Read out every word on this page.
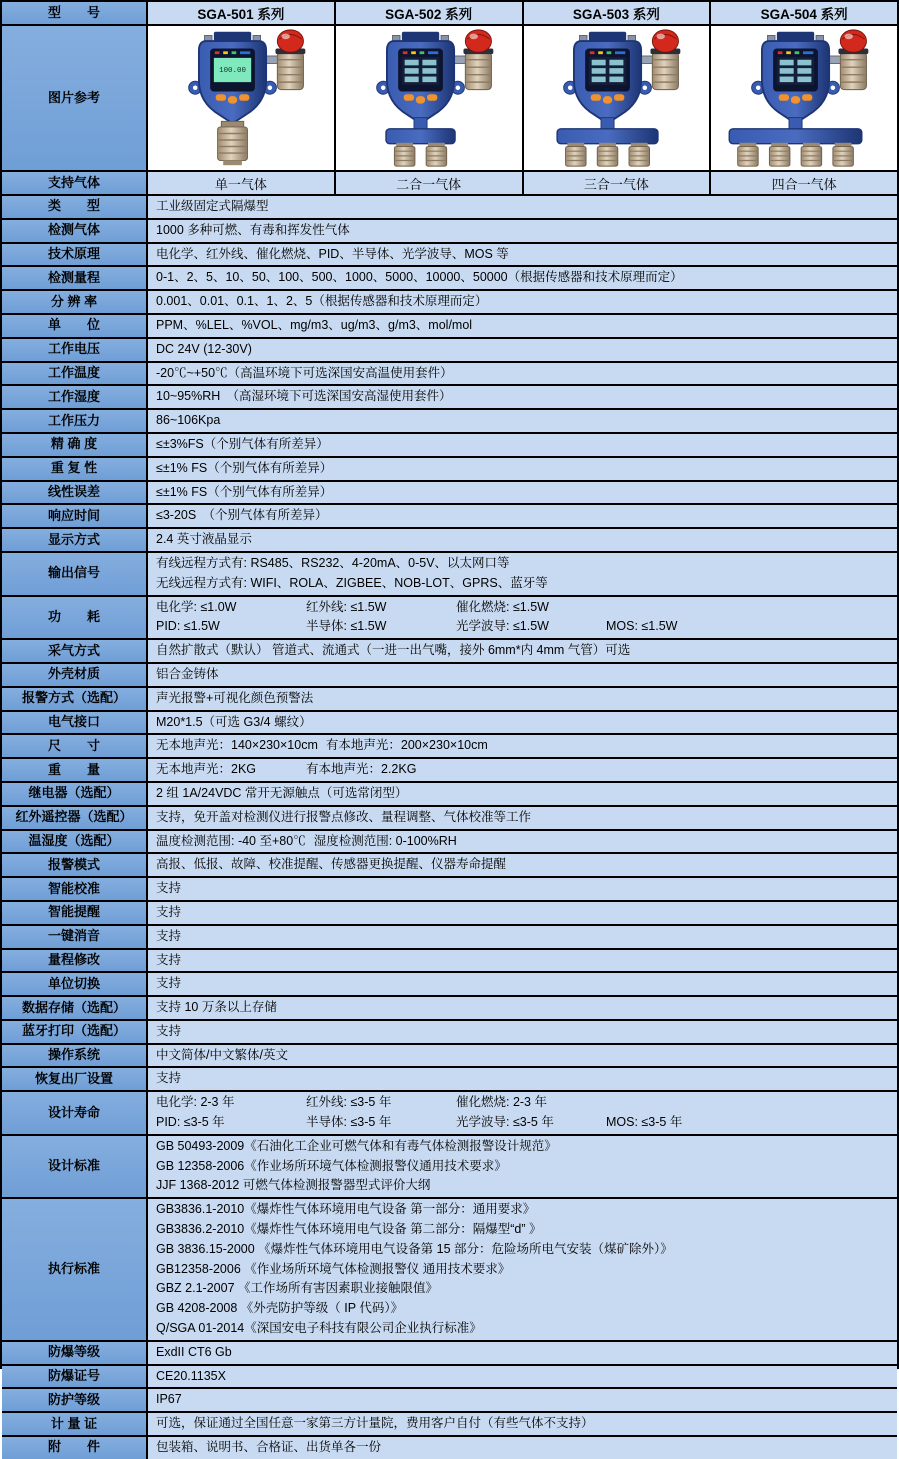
型　　号	SGA-501 系列	SGA-502 系列	SGA-503 系列	SGA-504 系列
图片参考
100.00
支持气体	单一气体	二合一气体	三合一气体	四合一气体
类　　型	工业级固定式隔爆型
检测气体	1000 多种可燃、有毒和挥发性气体
技术原理	电化学、红外线、催化燃烧、PID、半导体、光学波导、MOS 等
检测量程	0-1、2、5、10、50、100、500、1000、5000、10000、50000（根据传感器和技术原理而定）
分 辨 率	0.001、0.01、0.1、1、2、5（根据传感器和技术原理而定）
单　　位	PPM、%LEL、%VOL、mg/m3、ug/m3、g/m3、mol/mol
工作电压	DC 24V (12-30V)
工作温度	-20℃~+50℃（高温环境下可选深国安高温使用套件）
工作湿度	10~95%RH　（高湿环境下可选深国安高湿使用套件）
工作压力	86~106Kpa
精 确 度	≤±3%FS（个别气体有所差异）
重 复 性	≤±1% FS（个别气体有所差异）
线性误差	≤±1% FS（个别气体有所差异）
响应时间	≤3-20S　（个别气体有所差异）
显示方式	2.4 英寸液晶显示
输出信号
有线远程方式有: RS485、RS232、4-20mA、0-5V、以太网口等
无线远程方式有: WIFI、ROLA、ZIGBEE、NOB-LOT、GPRS、蓝牙等
功　　耗
电化学: ≤1.0W	红外线: ≤1.5W	催化燃烧: ≤1.5W
PID: ≤1.5W	半导体: ≤1.5W	光学波导: ≤1.5W	MOS: ≤1.5W
采气方式	自然扩散式（默认） 管道式、流通式（一进一出气嘴，接外 6mm*内 4mm 气管）可选
外壳材质	铝合金铸体
报警方式（选配）	声光报警+可视化颜色预警法
电气接口	M20*1.5（可选 G3/4 螺纹）
尺　　寸	无本地声光：140×230×10cm 有本地声光：200×230×10cm
重　　量	无本地声光：2KG	有本地声光：2.2KG
继电器（选配）	2 组 1A/24VDC 常开无源触点（可选常闭型）
红外遥控器（选配）	支持，免开盖对检测仪进行报警点修改、量程调整、气体校准等工作
温湿度（选配）	温度检测范围: -40 至+80℃ 湿度检测范围: 0-100%RH
报警模式	高报、低报、故障、校准提醒、传感器更换提醒、仪器寿命提醒
智能校准	支持
智能提醒	支持
一键消音	支持
量程修改	支持
单位切换	支持
数据存储（选配）	支持 10 万条以上存储
蓝牙打印（选配）	支持
操作系统	中文简体/中文繁体/英文
恢复出厂设置	支持
设计寿命
电化学: 2-3 年	红外线: ≤3-5 年	催化燃烧: 2-3 年
PID: ≤3-5 年	半导体: ≤3-5 年	光学波导: ≤3-5 年	MOS: ≤3-5 年
设计标准
GB 50493-2009《石油化工企业可燃气体和有毒气体检测报警设计规范》
GB 12358-2006《作业场所环境气体检测报警仪通用技术要求》
JJF 1368-2012 可燃气体检测报警器型式评价大纲
执行标准
GB3836.1-2010《爆炸性气体环境用电气设备 第一部分：通用要求》
GB3836.2-2010《爆炸性气体环境用电气设备 第二部分：隔爆型“d” 》
GB 3836.15-2000 《爆炸性气体环境用电气设备第 15 部分：危险场所电气安装（煤矿除外）》
GB12358-2006 《作业场所环境气体检测报警仪 通用技术要求》
GBZ 2.1-2007 《工作场所有害因素职业接触限值》
GB 4208-2008 《外壳防护等级（ IP 代码）》
Q/SGA 01-2014《深国安电子科技有限公司企业执行标准》
防爆等级	ExdII CT6 Gb
防爆证号	CE20.1135X
防护等级	IP67
计 量 证	可选，保证通过全国任意一家第三方计量院，费用客户自付（有些气体不支持）
附　　件	包装箱、说明书、合格证、出货单各一份
